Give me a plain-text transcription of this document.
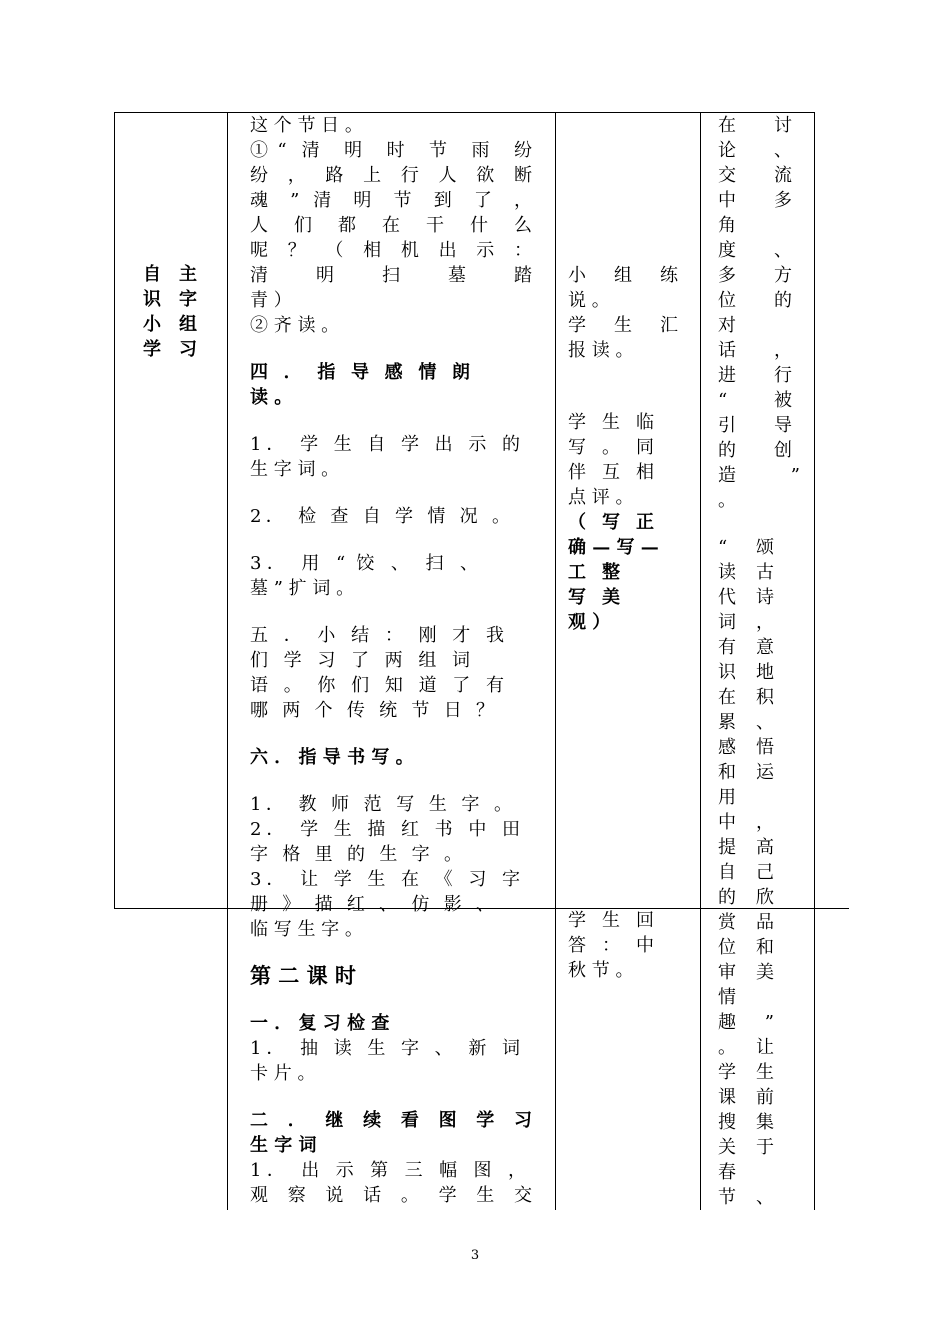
自　主
识　字
小　组
学　习
这 个 节 日 。
①“ 清 明 时 节 雨 纷
纷 ， 路 上 行 人 欲 断
魂 ” 清 明 节 到 了 ，
人 们 都 在 干 什 么
呢 ？ （ 相 机 出 示 ：
清 明 扫 墓 踏
青 ）
② 齐 读 。
四 ． 指 导 感 情 朗
读 。
1． 学 生 自 学 出 示 的
生 字 词 。
2． 检 查 自 学 情 况 。
3． 用 “ 饺 、 扫 、
墓 ” 扩 词 。
五 ． 小 结 ： 刚 才 我
们 学 习 了 两 组 词
语 。 你 们 知 道 了 有
哪 两 个 传 统 节 日 ？
六 ． 指 导 书 写 。
1． 教 师 范 写 生 字 。
2． 学 生 描 红 书 中 田
字 格 里 的 生 字 。
3． 让 学 生 在 《 习 字
册 》 描 红 、 仿 影 、
临 写 生 字 。
第 二 课 时
一 ． 复 习 检 查
1． 抽 读 生 字 、 新 词
卡 片 。
二 ． 继 续 看 图 学 习
生 字 词
1． 出 示 第 三 幅 图 ，
观 察 说 话 。 学 生 交
小 组 练
说 。
学 生 汇
报 读 。
学 生 临
写 。 同
伴 互 相
点 评 。
（ 写 正
确 — 写 —
工 整
写 美
观 ）
学 生 回
答 ： 中
秋 节 。
在 讨
论 、
交 流
中 多
角
度 、
多 方
位 的
对
话 ，
进 行
“ 被
引 导
的 创
造 ”
。
“ 颂
读 古
代 诗
词 ，
有 意
识 地
在 积
累 、
感 悟
和 运
用
中 ，
提 高
自 己
的 欣
赏 品
位 和
审 美
情
趣 ”
。 让
学 生
课 前
搜 集
关 于
春
节 、
3
